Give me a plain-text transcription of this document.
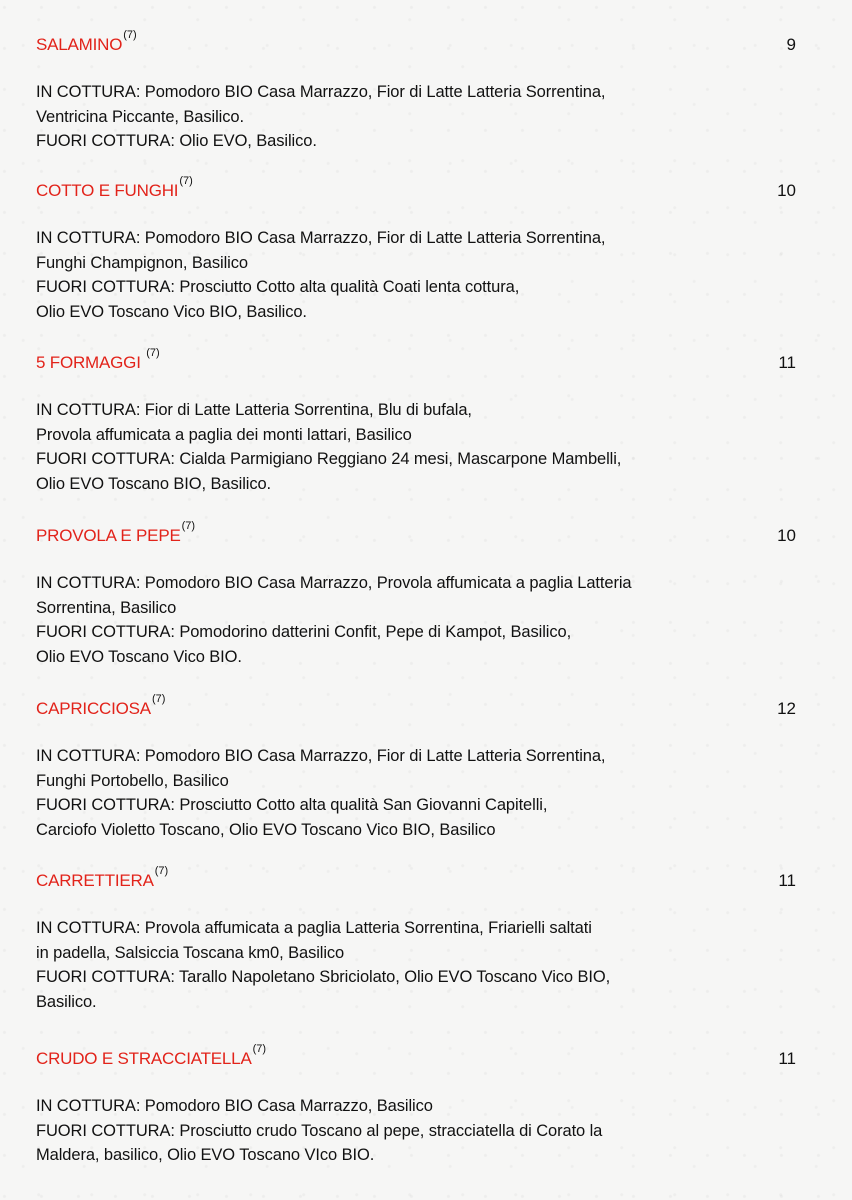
SALAMINO$^{(7)}$	9
IN COTTURA: Pomodoro BIO Casa Marrazzo, Fior di Latte Latteria Sorrentina,
Ventricina Piccante, Basilico.
FUORI COTTURA: Olio EVO, Basilico.
COTTO E FUNGHI$^{(7)}$	10
IN COTTURA: Pomodoro BIO Casa Marrazzo, Fior di Latte Latteria Sorrentina,
Funghi Champignon, Basilico
FUORI COTTURA: Prosciutto Cotto alta qualità Coati lenta cottura,
Olio EVO Toscano Vico BIO, Basilico.
5 FORMAGGI $^{(7)}$	11
IN COTTURA: Fior di Latte Latteria Sorrentina, Blu di bufala,
Provola affumicata a paglia dei monti lattari, Basilico
FUORI COTTURA: Cialda Parmigiano Reggiano 24 mesi, Mascarpone Mambelli,
Olio EVO Toscano BIO, Basilico.
PROVOLA E PEPE$^{(7)}$	10
IN COTTURA: Pomodoro BIO Casa Marrazzo, Provola affumicata a paglia Latteria
Sorrentina, Basilico
FUORI COTTURA: Pomodorino datterini Confit, Pepe di Kampot, Basilico,
Olio EVO Toscano Vico BIO.
CAPRICCIOSA$^{(7)}$	12
IN COTTURA: Pomodoro BIO Casa Marrazzo, Fior di Latte Latteria Sorrentina,
Funghi Portobello, Basilico
FUORI COTTURA: Prosciutto Cotto alta qualità San Giovanni Capitelli,
Carciofo Violetto Toscano, Olio EVO Toscano Vico BIO, Basilico
CARRETTIERA$^{(7)}$	11
IN COTTURA: Provola affumicata a paglia Latteria Sorrentina, Friarielli saltati
in padella, Salsiccia Toscana km0, Basilico
FUORI COTTURA: Tarallo Napoletano Sbriciolato, Olio EVO Toscano Vico BIO,
Basilico.
CRUDO E STRACCIATELLA$^{(7)}$	11
IN COTTURA: Pomodoro BIO Casa Marrazzo, Basilico
FUORI COTTURA: Prosciutto crudo Toscano al pepe, stracciatella di Corato la
Maldera, basilico, Olio EVO Toscano VIco BIO.
